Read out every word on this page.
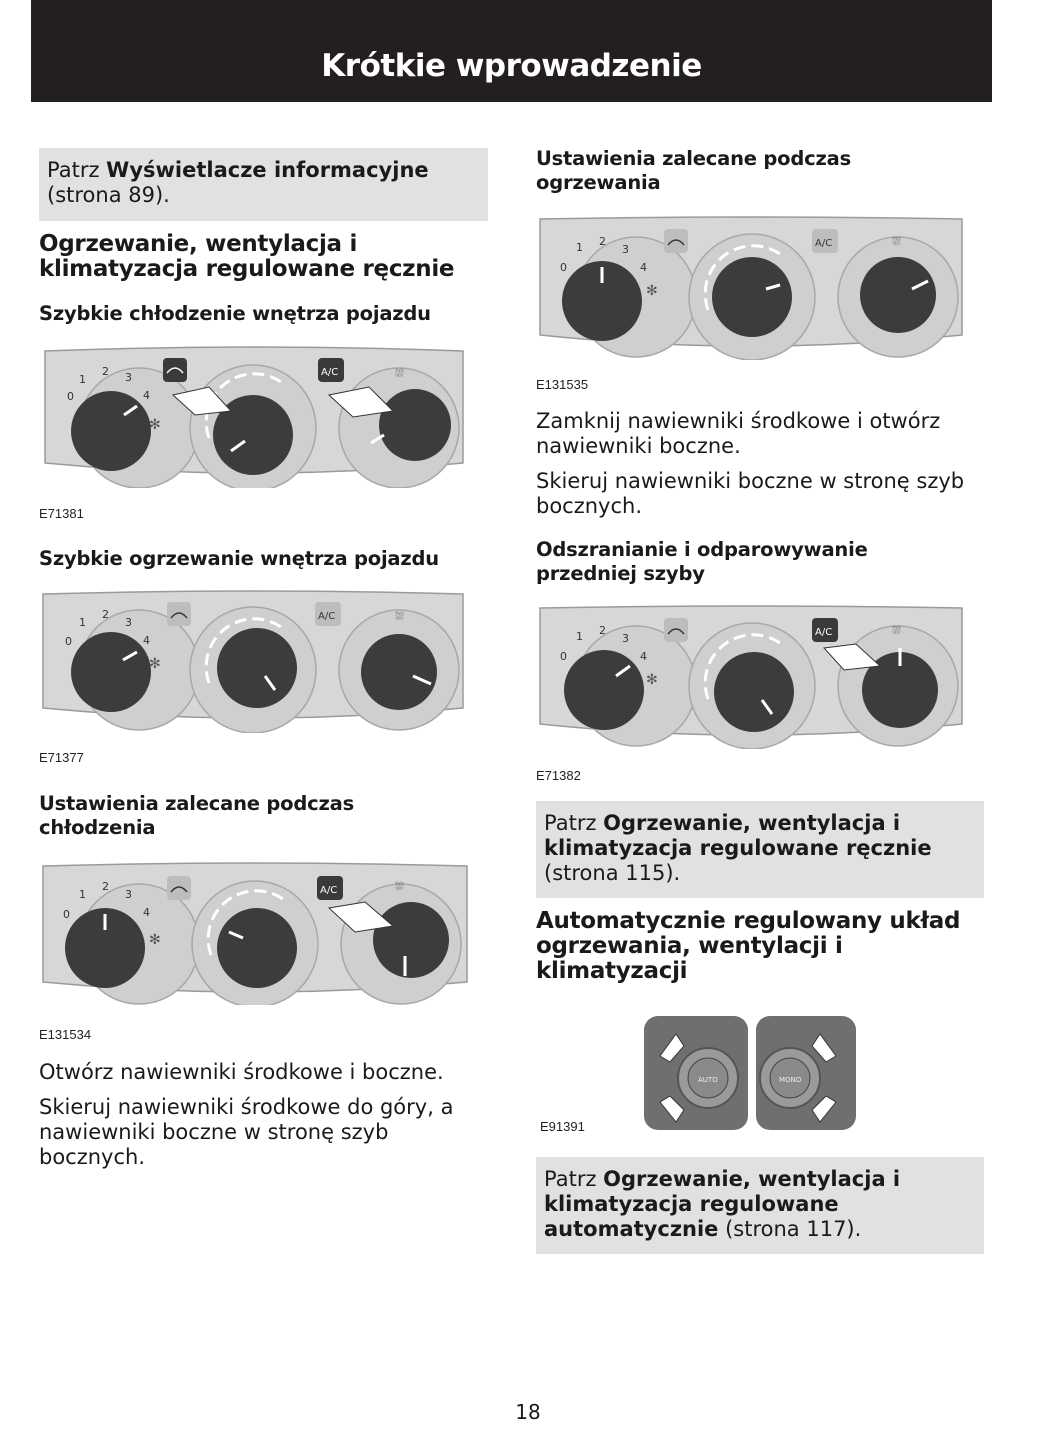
Krótkie wprowadzenie
Patrz Wyświetlacze informacyjne
(strona 89).
Ogrzewanie, wentylacja i klimatyzacja regulowane ręcznie
Szybkie chłodzenie wnętrza pojazdu
0
1
2 3
4
✻
A/C	⛆
E71381
Szybkie ogrzewanie wnętrza pojazdu
0
1
2
3
4
✻
A/C	⛆
E71377
Ustawienia zalecane podczas chłodzenia
0
1
2
3
4
✻
A/C	⛆
E131534

Otwórz nawiewniki środkowe i boczne.

Skieruj nawiewniki środkowe do góry, a nawiewniki boczne w stronę szyb bocznych.

Ustawienia zalecane podczas ogrzewania
0
1 2
3
4
✻
A/C	⛆
E131535

Zamknij nawiewniki środkowe i otwórz nawiewniki boczne.

Skieruj nawiewniki boczne w stronę szyb bocznych.

Odszranianie i odparowywanie przedniej szyby
0
1 2
3
4
✻
A/C	⛆
E71382
Patrz Ogrzewanie, wentylacja i klimatyzacja regulowane ręcznie
(strona 115).
Automatycznie regulowany układ ogrzewania, wentylacji i klimatyzacji
AUTO	MONO
E91391
Patrz Ogrzewanie, wentylacja i klimatyzacja regulowane automatycznie (strona 117).
18
